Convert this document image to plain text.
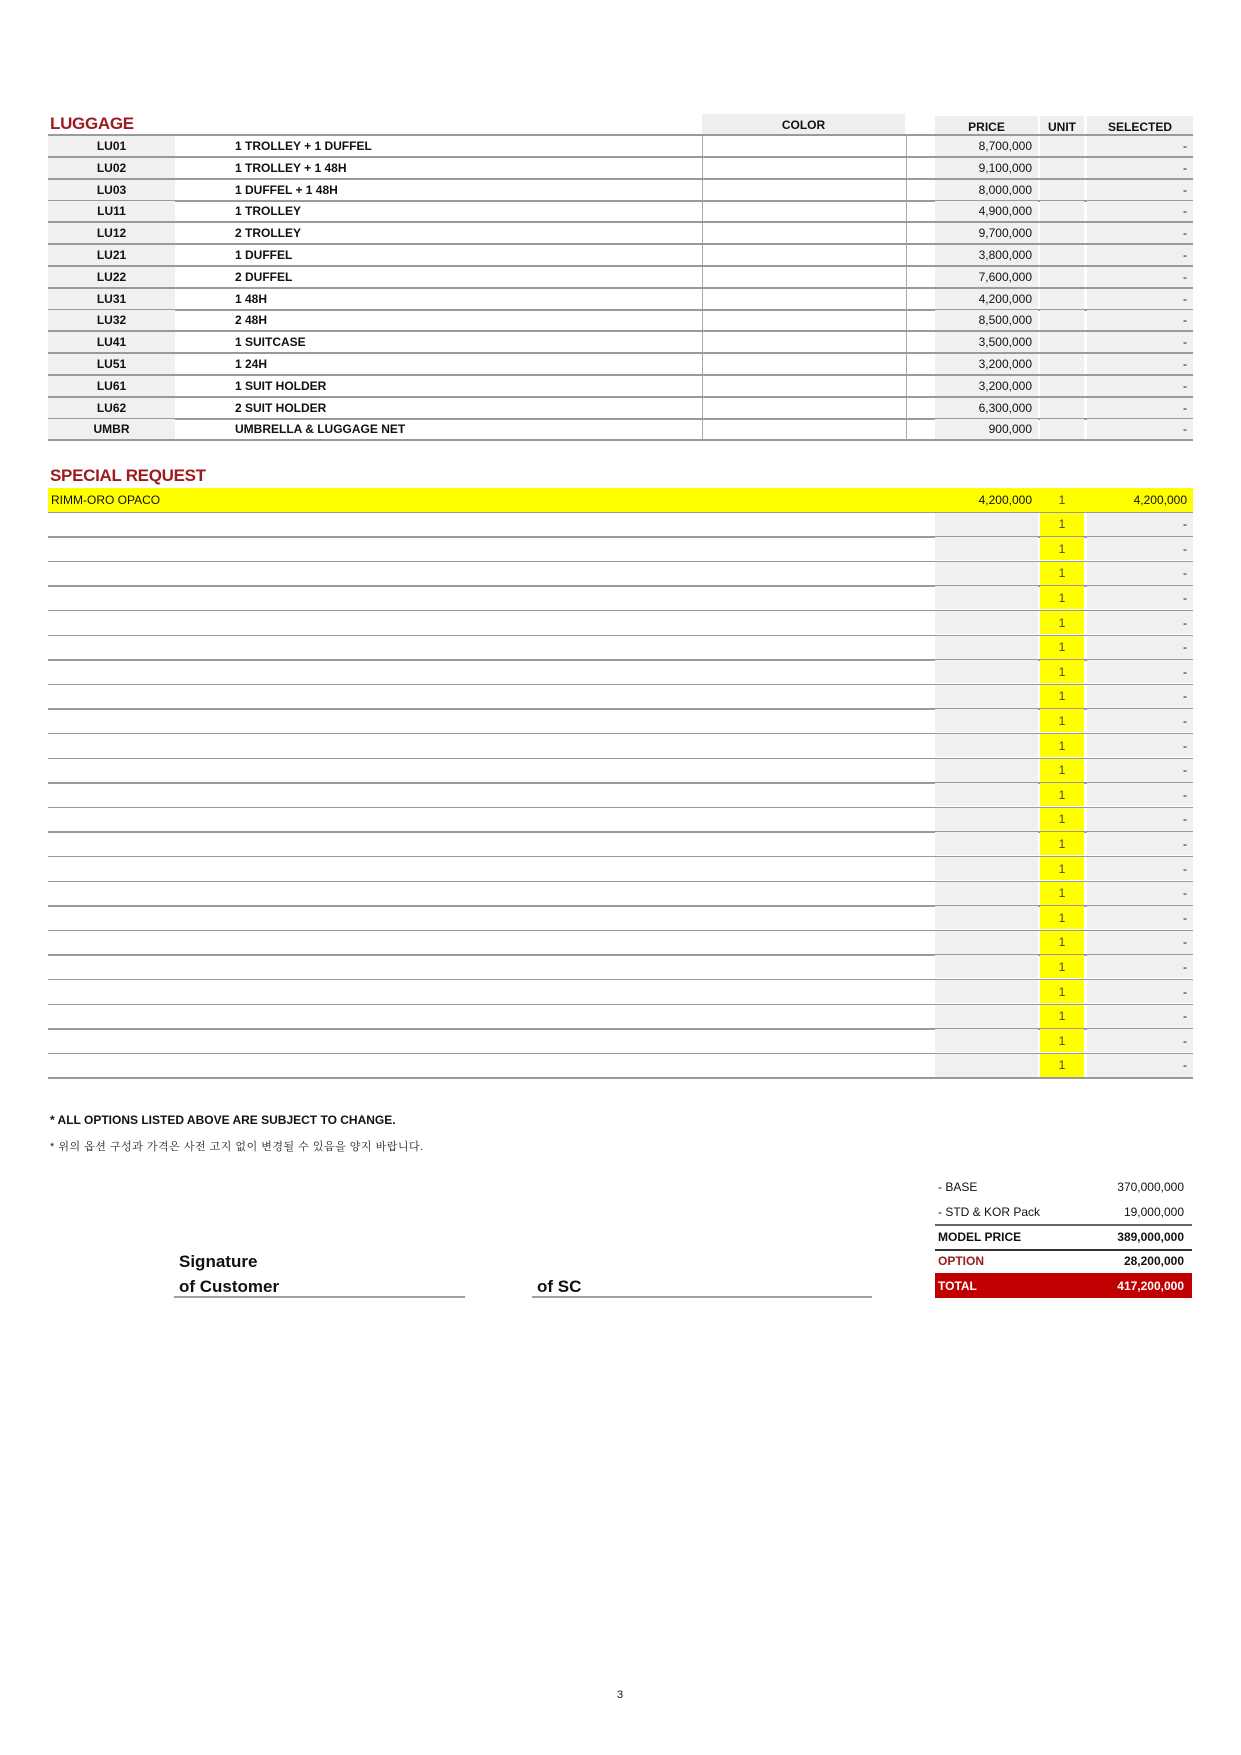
LUGGAGE	COLOR	PRICE	UNIT	SELECTED
LU01	1 TROLLEY + 1 DUFFEL	8,700,000	-
LU02	1 TROLLEY + 1 48H	9,100,000	-
LU03	1 DUFFEL + 1 48H	8,000,000	-
LU11	1 TROLLEY	4,900,000	-
LU12	2 TROLLEY	9,700,000	-
LU21	1 DUFFEL	3,800,000	-
LU22	2 DUFFEL	7,600,000	-
LU31	1 48H	4,200,000	-
LU32	2 48H	8,500,000	-
LU41	1 SUITCASE	3,500,000	-
LU51	1 24H	3,200,000	-
LU61	1 SUIT HOLDER	3,200,000	-
LU62	2 SUIT HOLDER	6,300,000	-
UMBR	UMBRELLA & LUGGAGE NET	900,000	-
SPECIAL REQUEST
RIMM-ORO OPACO	4,200,000	1	4,200,000
1	-
1	-
1	-
1	-
1	-
1	-
1	-
1	-
1	-
1	-
1	-
1	-
1	-
1	-
1	-
1	-
1	-
1	-
1	-
1	-
1	-
1	-
1	-
* ALL OPTIONS LISTED ABOVE ARE SUBJECT TO CHANGE.
* 위의 옵션 구성과 가격은 사전 고지 없이 변경될 수 있음을 양지 바랍니다.
Signature
of Customer	of SC
- BASE	370,000,000
- STD & KOR Pack	19,000,000
MODEL PRICE	389,000,000
OPTION	28,200,000
TOTAL	417,200,000
3
